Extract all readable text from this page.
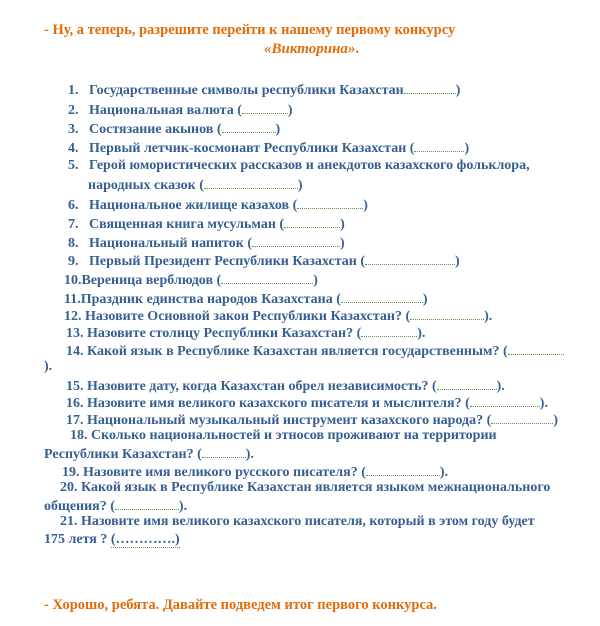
- Ну, а теперь, разрешите перейти к нашему первому конкурсу
«Викторина».
1. Государственные символы республики Казахстан	)
2. Национальная валюта (	)
3. Состязание акынов (	)
4. Первый летчик-космонавт Республики Казахстан (	)
5. Герой юмористических рассказов и анекдотов казахского фольклора,
народных сказок (	)
6. Национальное жилище казахов (	)
7. Священная книга мусульман (	)
8. Национальный напиток (	)
9. Первый Президент Республики Казахстан (	)
10.Вереница верблюдов (	)
11.Праздник единства народов Казахстана (	)
12. Назовите Основной закон Республики Казахстан? (	).
13. Назовите столицу Республики Казахстан? (	).
14. Какой язык в Республике Казахстан является государственным? (
).
15. Назовите дату, когда Казахстан обрел независимость? (	).
16. Назовите имя великого казахского писателя и мыслителя? (	).
17. Национальный музыкальный инструмент казахского народа? (	)
18. Сколько национальностей и этносов проживают на территории
Республики Казахстан? (	).
19. Назовите имя великого русского писателя? (	).
20. Какой язык в Республике Казахстан является языком межнационального
общения? (	).
21. Назовите имя великого казахского писателя, который в этом году будет
175 летя ? (………….)
- Хорошо, ребята. Давайте подведем итог первого конкурса.
